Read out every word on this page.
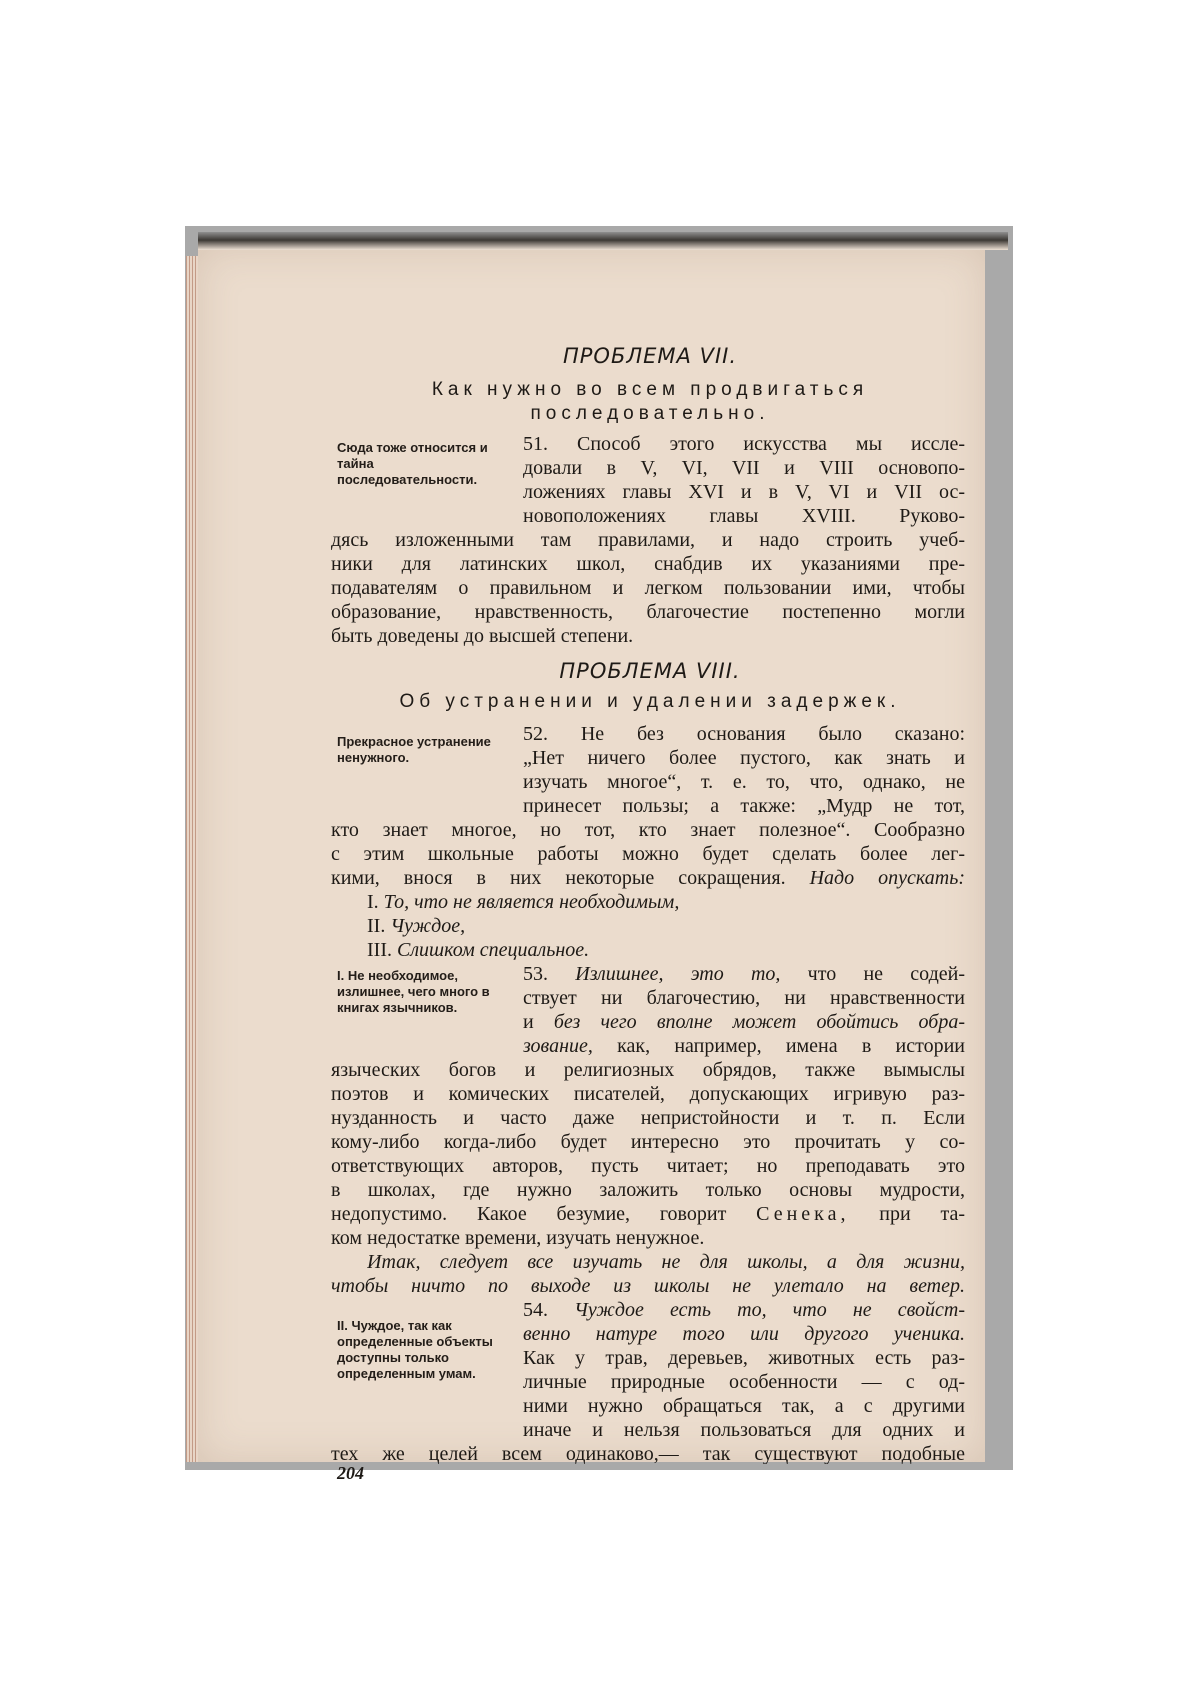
ПРОБЛЕМА VII.
Как нужно во всем продвигаться
последовательно.
Сюда тоже относится и тайна последовательности.
51. Способ этого искусства мы иссле-
довали в V, VI, VII и VIII основопо-
ложениях главы XVI и в V, VI и VII ос-
новоположениях главы XVIII. Руково-
дясь изложенными там правилами, и надо строить учеб-
ники для латинских школ, снабдив их указаниями пре-
подавателям о правильном и легком пользовании ими, чтобы
образование, нравственность, благочестие постепенно могли
быть доведены до высшей степени.
ПРОБЛЕМА VIII.
Об устранении и удалении задержек.
Прекрасное устранение ненужного.
52. Не без основания было сказано:
„Нет ничего более пустого, как знать и
изучать многое“, т. е. то, что, однако, не
принесет пользы; а также: „Мудр не тот,
кто знает многое, но тот, кто знает полезное“. Сообразно
с этим школьные работы можно будет сделать более лег-
кими, внося в них некоторые сокращения. Надо опускать:
I. То, что не является необходимым,
II. Чуждое,
III. Слишком специальное.
I. Не необходимое, излишнее, чего много в книгах язычников.
53. Излишнее, это то, что не содей-
ствует ни благочестию, ни нравственности
и без чего вполне может обойтись обра-
зование, как, например, имена в истории
языческих богов и религиозных обрядов, также вымыслы
поэтов и комических писателей, допускающих игривую раз-
нузданность и часто даже непристойности и т. п. Если
кому-либо когда-либо будет интересно это прочитать у со-
ответствующих авторов, пусть читает; но преподавать это
в школах, где нужно заложить только основы мудрости,
недопустимо. Какое безумие, говорит Сенека, при та-
ком недостатке времени, изучать ненужное.
Итак, следует все изучать не для школы, а для жизни,
чтобы ничто по выходе из школы не улетало на ветер.
II. Чуждое, так как определенные объекты доступны только определенным умам.
54. Чуждое есть то, что не свойст-
венно натуре того или другого ученика.
Как у трав, деревьев, животных есть раз-
личные природные особенности — с од-
ними нужно обращаться так, а с другими
иначе и нельзя пользоваться для одних и
тех же целей всем одинаково,— так существуют подобные
204
